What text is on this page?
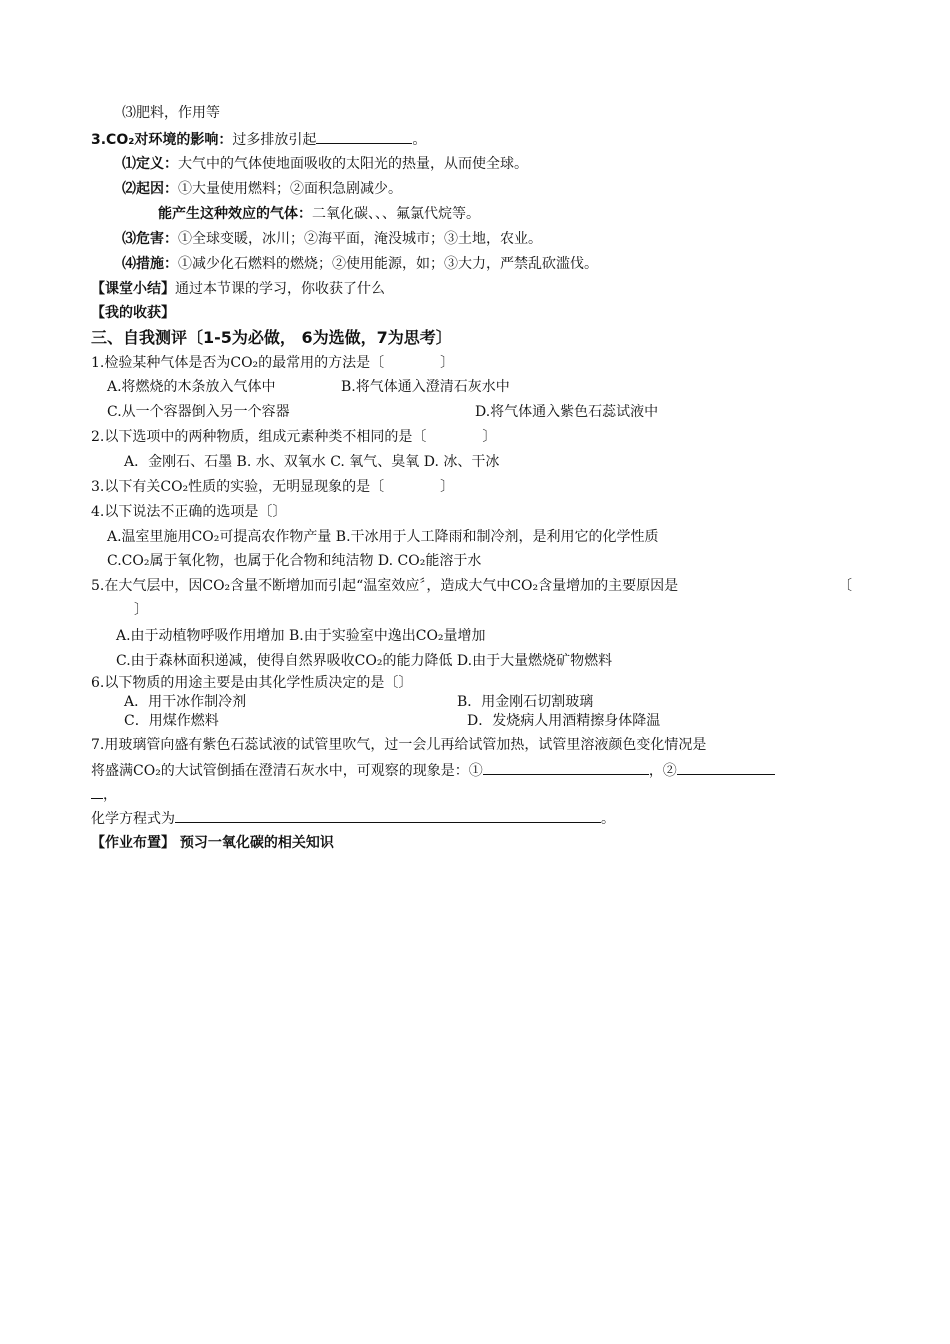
⑶肥料，作用等
3.CO₂对环境的影响：过多排放引起	。
⑴定义：大气中的气体使地面吸收的太阳光的热量，从而使全球。
⑵起因：①大量使用燃料；②面积急剧减少。
能产生这种效应的气体：二氧化碳、、、氟氯代烷等。
⑶危害：①全球变暖，冰川；②海平面，淹没城市；③土地，农业。
⑷措施：①减少化石燃料的燃烧；②使用能源，如；③大力，严禁乱砍滥伐。
【课堂小结】通过本节课的学习，你收获了什么
【我的收获】
三、自我测评〔1-5为必做， 6为选做，7为思考〕
1.检验某种气体是否为CO₂的最常用的方法是〔　　　　〕
A.将燃烧的木条放入气体中	B.将气体通入澄清石灰水中
C.从一个容器倒入另一个容器	D.将气体通入紫色石蕊试液中
2.以下选项中的两种物质，组成元素种类不相同的是〔　　　　〕
A．金刚石、石墨 B. 水、双氧水 C. 氧气、臭氧 D. 冰、干冰
3.以下有关CO₂性质的实验，无明显现象的是〔　　　　〕
4.以下说法不正确的选项是〔〕
A.温室里施用CO₂可提高农作物产量 B.干冰用于人工降雨和制冷剂，是利用它的化学性质
C.CO₂属于氧化物，也属于化合物和纯洁物 D. CO₂能溶于水
5.在大气层中，因CO₂含量不断增加而引起“温室效应〞，造成大气中CO₂含量增加的主要原因是	〔
〕
A.由于动植物呼吸作用增加 B.由于实验室中逸出CO₂量增加
C.由于森林面积递减，使得自然界吸收CO₂的能力降低 D.由于大量燃烧矿物燃料
6.以下物质的用途主要是由其化学性质决定的是〔〕
A．用干冰作制冷剂	B．用金刚石切割玻璃
C．用煤作燃料	D．发烧病人用酒精擦身体降温
7.用玻璃管向盛有紫色石蕊试液的试管里吹气，过一会儿再给试管加热，试管里溶液颜色变化情况是
将盛满CO₂的大试管倒插在澄清石灰水中，可观察的现象是：①	，②
，
化学方程式为	。
【作业布置】 预习一氧化碳的相关知识
